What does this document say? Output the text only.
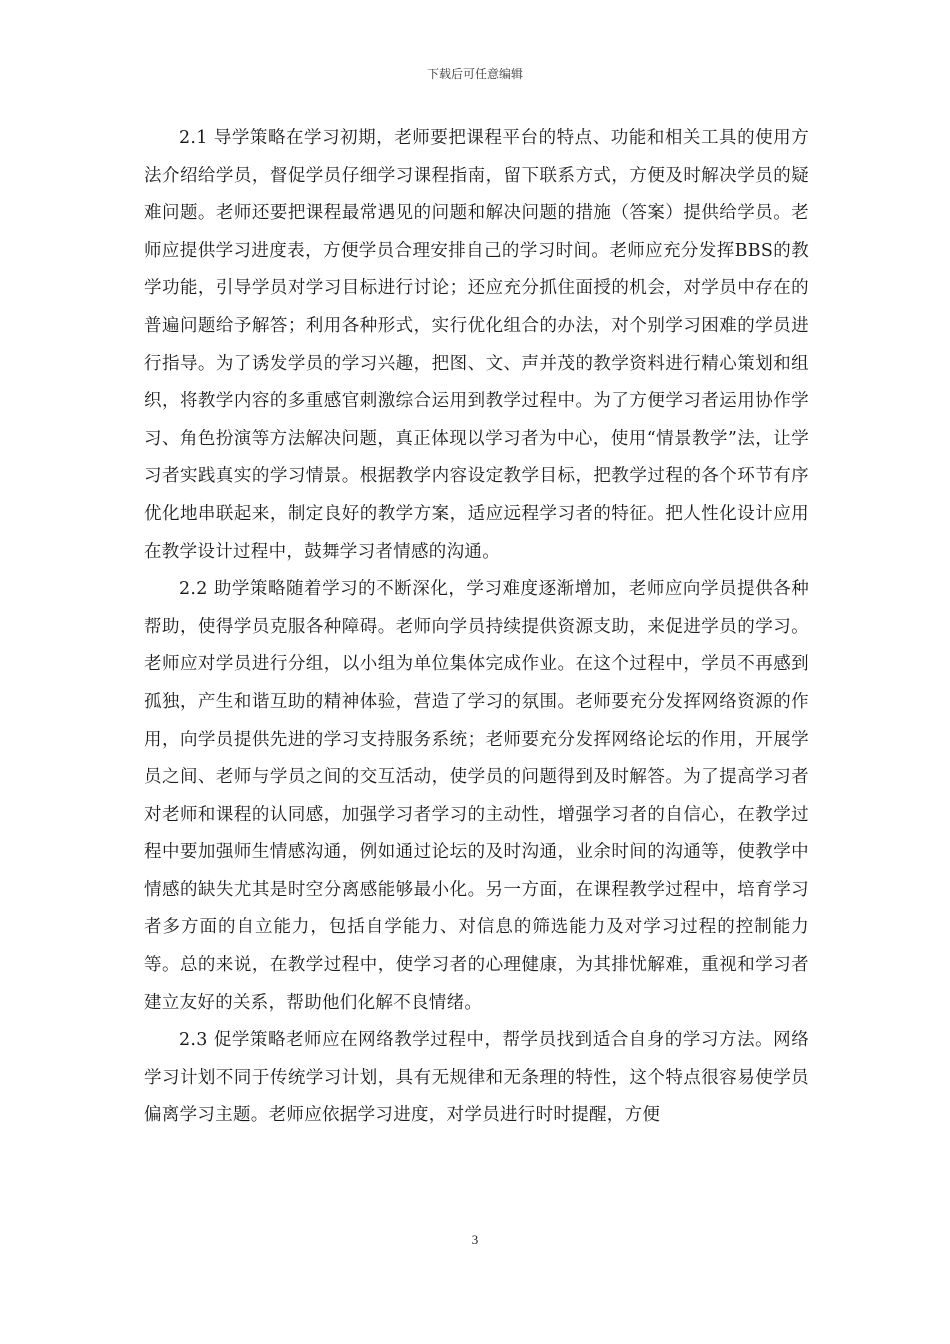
下载后可任意编辑

2.1 导学策略在学习初期，老师要把课程平台的特点、功能和相关工具的使用方法介绍给学员，督促学员仔细学习课程指南，留下联系方式，方便及时解决学员的疑难问题。老师还要把课程最常遇见的问题和解决问题的措施（答案）提供给学员。老师应提供学习进度表，方便学员合理安排自己的学习时间。老师应充分发挥BBS的教学功能，引导学员对学习目标进行讨论；还应充分抓住面授的机会，对学员中存在的普遍问题给予解答；利用各种形式，实行优化组合的办法，对个别学习困难的学员进行指导。为了诱发学员的学习兴趣，把图、文、声并茂的教学资料进行精心策划和组织，将教学内容的多重感官刺激综合运用到教学过程中。为了方便学习者运用协作学习、角色扮演等方法解决问题，真正体现以学习者为中心，使用“情景教学”法，让学习者实践真实的学习情景。根据教学内容设定教学目标，把教学过程的各个环节有序优化地串联起来，制定良好的教学方案，适应远程学习者的特征。把人性化设计应用在教学设计过程中，鼓舞学习者情感的沟通。

2.2 助学策略随着学习的不断深化，学习难度逐渐增加，老师应向学员提供各种帮助，使得学员克服各种障碍。老师向学员持续提供资源支助，来促进学员的学习。老师应对学员进行分组，以小组为单位集体完成作业。在这个过程中，学员不再感到孤独，产生和谐互助的精神体验，营造了学习的氛围。老师要充分发挥网络资源的作用，向学员提供先进的学习支持服务系统；老师要充分发挥网络论坛的作用，开展学员之间、老师与学员之间的交互活动，使学员的问题得到及时解答。为了提高学习者对老师和课程的认同感，加强学习者学习的主动性，增强学习者的自信心，在教学过程中要加强师生情感沟通，例如通过论坛的及时沟通，业余时间的沟通等，使教学中情感的缺失尤其是时空分离感能够最小化。另一方面，在课程教学过程中，培育学习者多方面的自立能力，包括自学能力、对信息的筛选能力及对学习过程的控制能力等。总的来说，在教学过程中，使学习者的心理健康，为其排忧解难，重视和学习者建立友好的关系，帮助他们化解不良情绪。

2.3 促学策略老师应在网络教学过程中，帮学员找到适合自身的学习方法。网络学习计划不同于传统学习计划，具有无规律和无条理的特性，这个特点很容易使学员偏离学习主题。老师应依据学习进度，对学员进行时时提醒，方便

3
